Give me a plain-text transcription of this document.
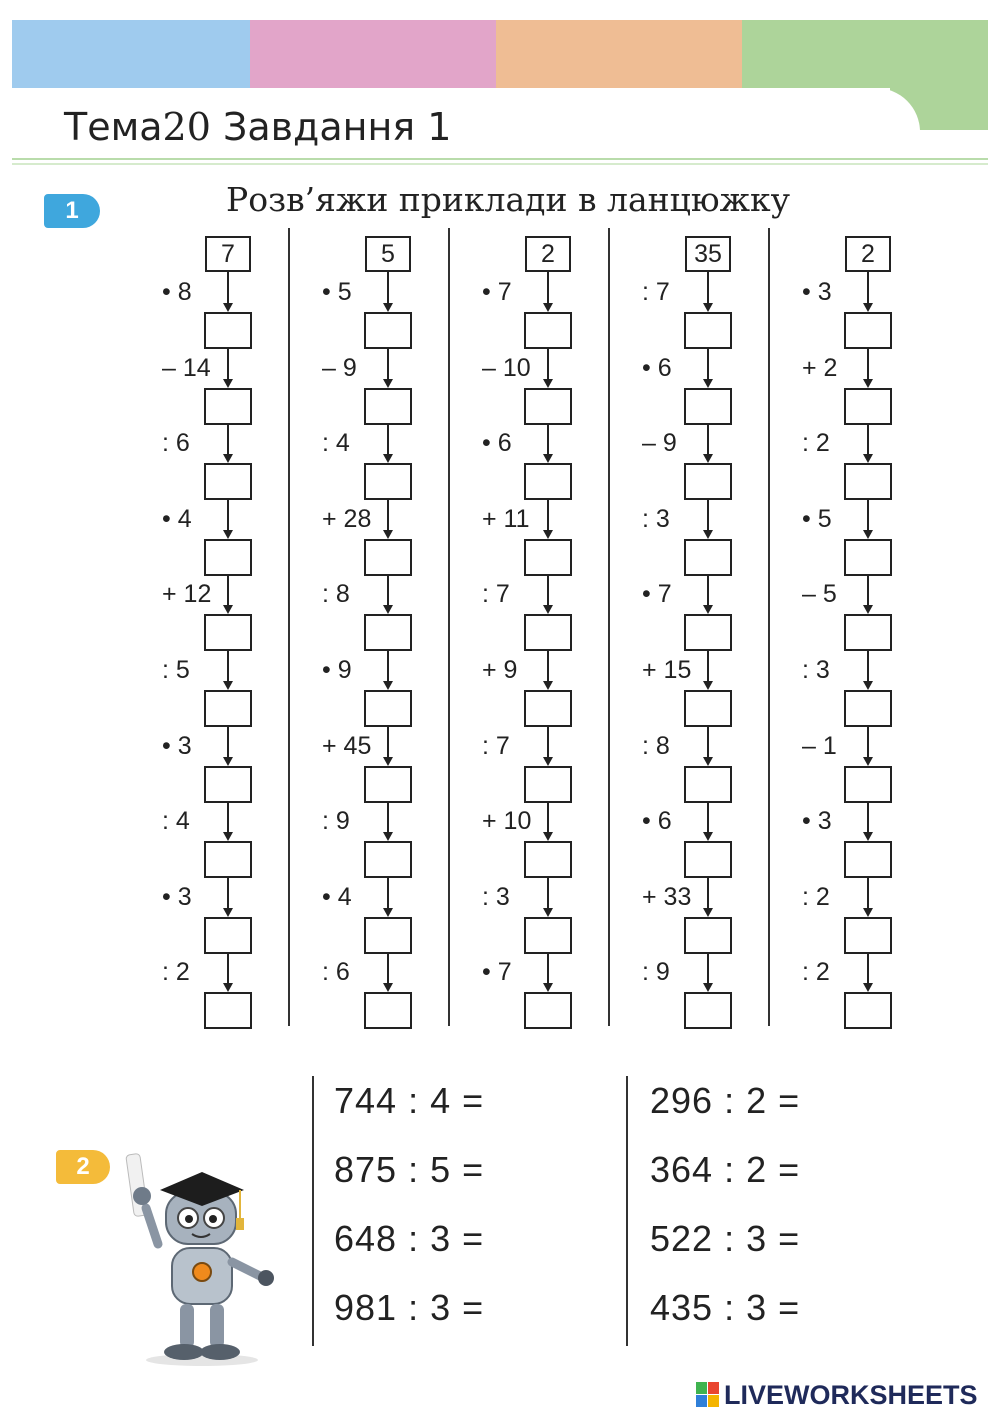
Тема20 Завдання 1
1	Розв’яжи приклади в ланцюжку
7
• 8
– 14
: 6
• 4
+ 12
: 5
• 3
: 4
• 3
: 2
5
• 5
– 9
: 4
+ 28
: 8
• 9
+ 45
: 9
• 4
: 6
2
• 7
– 10
• 6
+ 11
: 7
+ 9
: 7
+ 10
: 3
• 7
35
: 7
• 6
– 9
: 3
• 7
+ 15
: 8
• 6
+ 33
: 9
2
• 3
+ 2
: 2
• 5
– 5
: 3
– 1
• 3
: 2
: 2
2
744 : 4 =
875 : 5 =
648 : 3 =
981 : 3 =
296 : 2 =
364 : 2 =
522 : 3 =
435 : 3 =
LIVEWORKSHEETS
